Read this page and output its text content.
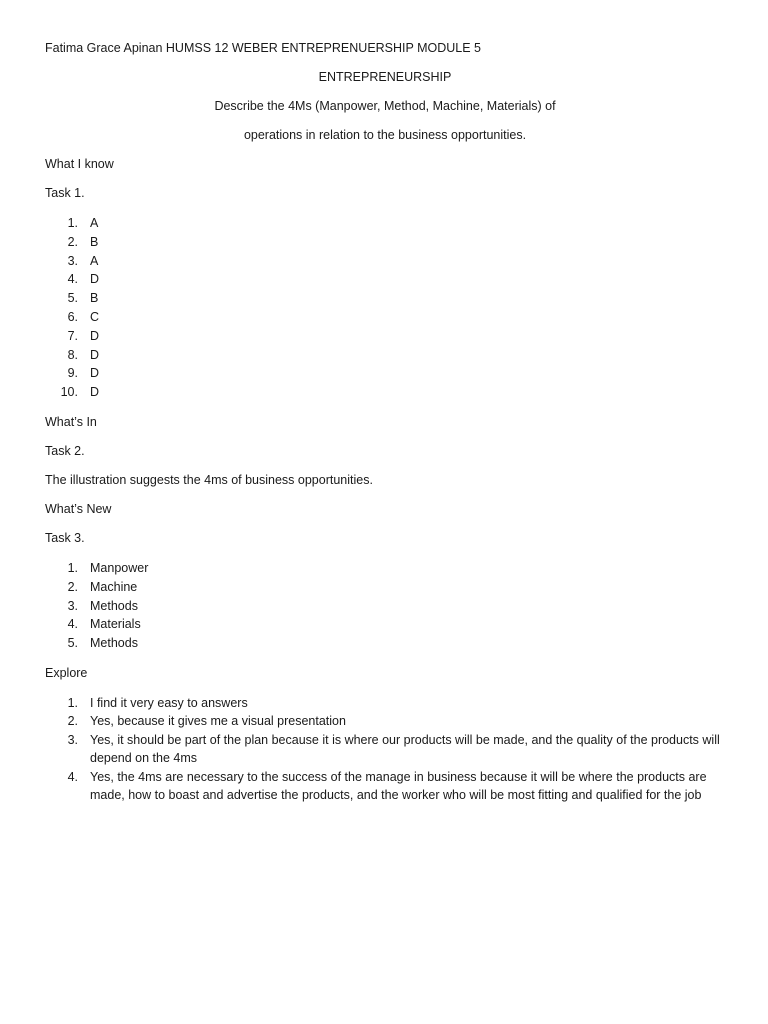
Fatima Grace Apinan HUMSS 12 WEBER ENTREPRENUERSHIP MODULE 5

ENTREPRENEURSHIP

Describe the 4Ms (Manpower, Method, Machine, Materials) of

operations in relation to the business opportunities.

What I know

Task 1.

1. A
2. B
3. A
4. D
5. B
6. C
7. D
8. D
9. D
10. D

What’s In

Task 2.

The illustration suggests the 4ms of business opportunities.

What’s New

Task 3.

1. Manpower
2. Machine
3. Methods
4. Materials
5. Methods

Explore

1. I find it very easy to answers
2. Yes, because it gives me a visual presentation
3. Yes, it should be part of the plan because it is where our products will be made, and the quality of the products will depend on the 4ms
4. Yes, the 4ms are necessary to the success of the manage in business because it will be where the products are made, how to boast and advertise the products, and the worker who will be most fitting and qualified for the job
